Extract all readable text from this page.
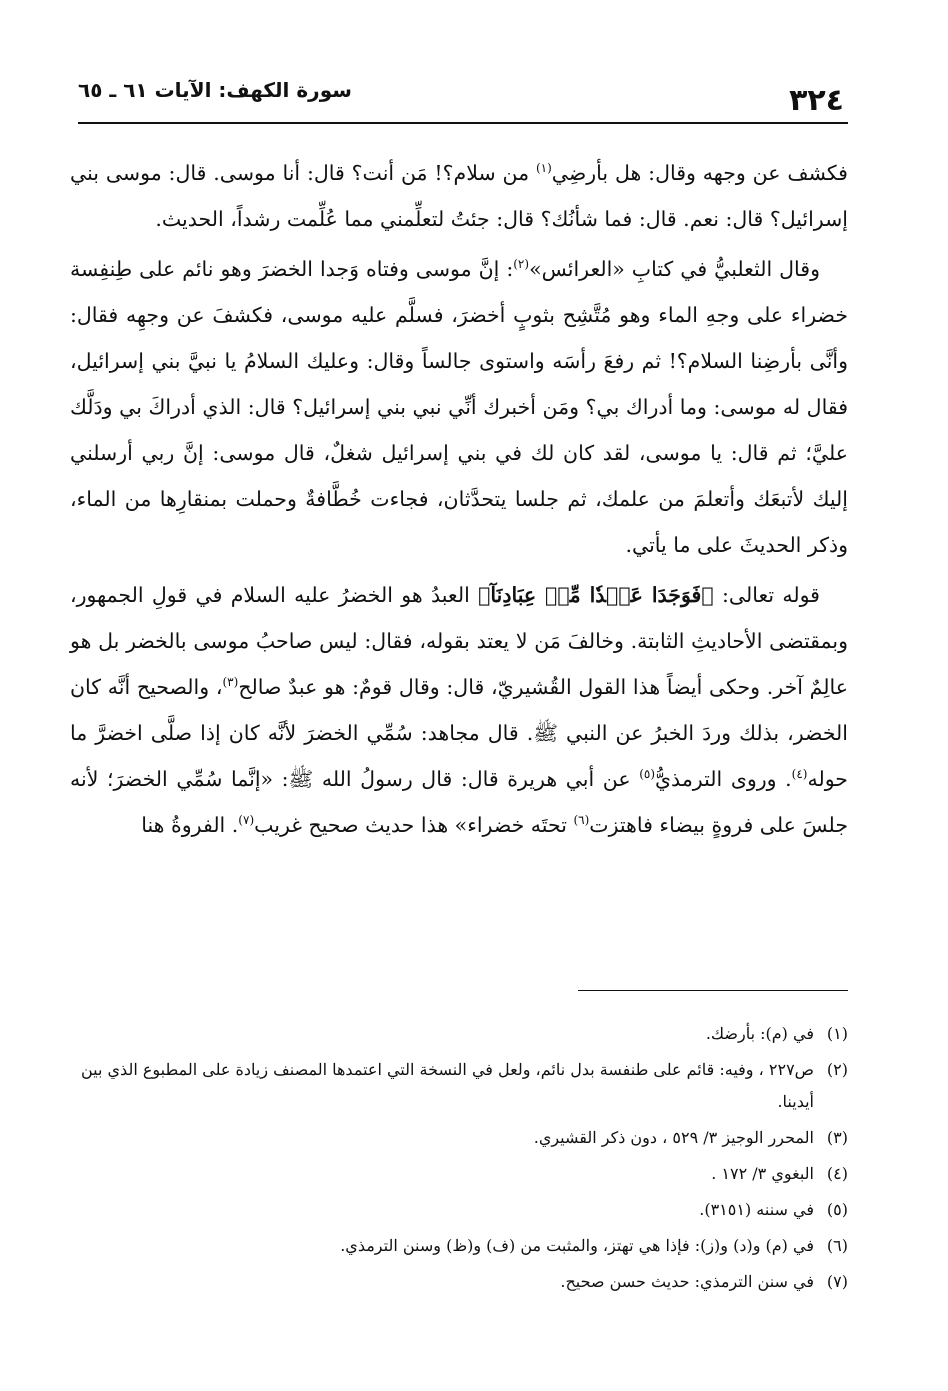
٣٢٤
سورة الكهف: الآيات ٦١ ـ ٦٥

فكشف عن وجهه وقال: هل بأرضِي$^{(١)}$ من سلام؟! مَن أنت؟ قال: أنا موسى. قال: موسى بني إسرائيل؟ قال: نعم. قال: فما شأنُك؟ قال: جئتُ لتعلِّمني مما عُلِّمت رشداً، الحديث.

وقال الثعلبيُّ في كتابِ «العرائس»$^{(٢)}$: إنَّ موسى وفتاه وَجدا الخضرَ وهو نائم على طِنفِسة خضراء على وجهِ الماء وهو مُتَّشِح بثوبٍ أخضرَ، فسلَّم عليه موسى، فكشفَ عن وجهِه فقال: وأنَّى بأرضِنا السلام؟! ثم رفعَ رأسَه واستوى جالساً وقال: وعليك السلامُ يا نبيَّ بني إسرائيل، فقال له موسى: وما أدراك بي؟ ومَن أخبرك أنِّي نبي بني إسرائيل؟ قال: الذي أدراكَ بي ودَلَّك عليَّ؛ ثم قال: يا موسى، لقد كان لك في بني إسرائيل شغلٌ، قال موسى: إنَّ ربي أرسلني إليك لأتبعَك وأتعلمَ من علمك، ثم جلسا يتحدَّثان، فجاءت خُطَّافةٌ وحملت بمنقارِها من الماء، وذكر الحديثَ على ما يأتي.

قوله تعالى: ﴿فَوَجَدَا عَبۡدٗا مِّنۡ عِبَادِنَآ﴾ العبدُ هو الخضرُ عليه السلام في قولِ الجمهور، وبمقتضى الأحاديثِ الثابتة. وخالفَ مَن لا يعتد بقوله، فقال: ليس صاحبُ موسى بالخضر بل هو عالِمٌ آخر. وحكى أيضاً هذا القول القُشيريّ، قال: وقال قومٌ: هو عبدٌ صالح$^{(٣)}$، والصحيح أنَّه كان الخضر، بذلك وردَ الخبرُ عن النبي ﷺ. قال مجاهد: سُمِّي الخضرَ لأنَّه كان إذا صلَّى اخضرَّ ما حوله$^{(٤)}$. وروى الترمذيُّ$^{(٥)}$ عن أبي هريرة قال: قال رسولُ الله ﷺ: «إنَّما سُمِّي الخضرَ؛ لأنه جلسَ على فروةٍ بيضاء فاهتزت$^{(٦)}$ تحتَه خضراء» هذا حديث صحيح غريب$^{(٧)}$. الفروةُ هنا

(١)
في (م): بأرضك.
(٢)
ص٢٢٧ ، وفيه: قائم على طنفسة بدل نائم، ولعل في النسخة التي اعتمدها المصنف زيادة على المطبوع الذي بين أيدينا.
(٣)
المحرر الوجيز ٣/ ٥٢٩ ، دون ذكر القشيري.
(٤)
البغوي ٣/ ١٧٢ .
(٥)
في سننه (٣١٥١).
(٦)
في (م) و(د) و(ز): فإذا هي تهتز، والمثبت من (ف) و(ظ) وسنن الترمذي.
(٧)
في سنن الترمذي: حديث حسن صحيح.
